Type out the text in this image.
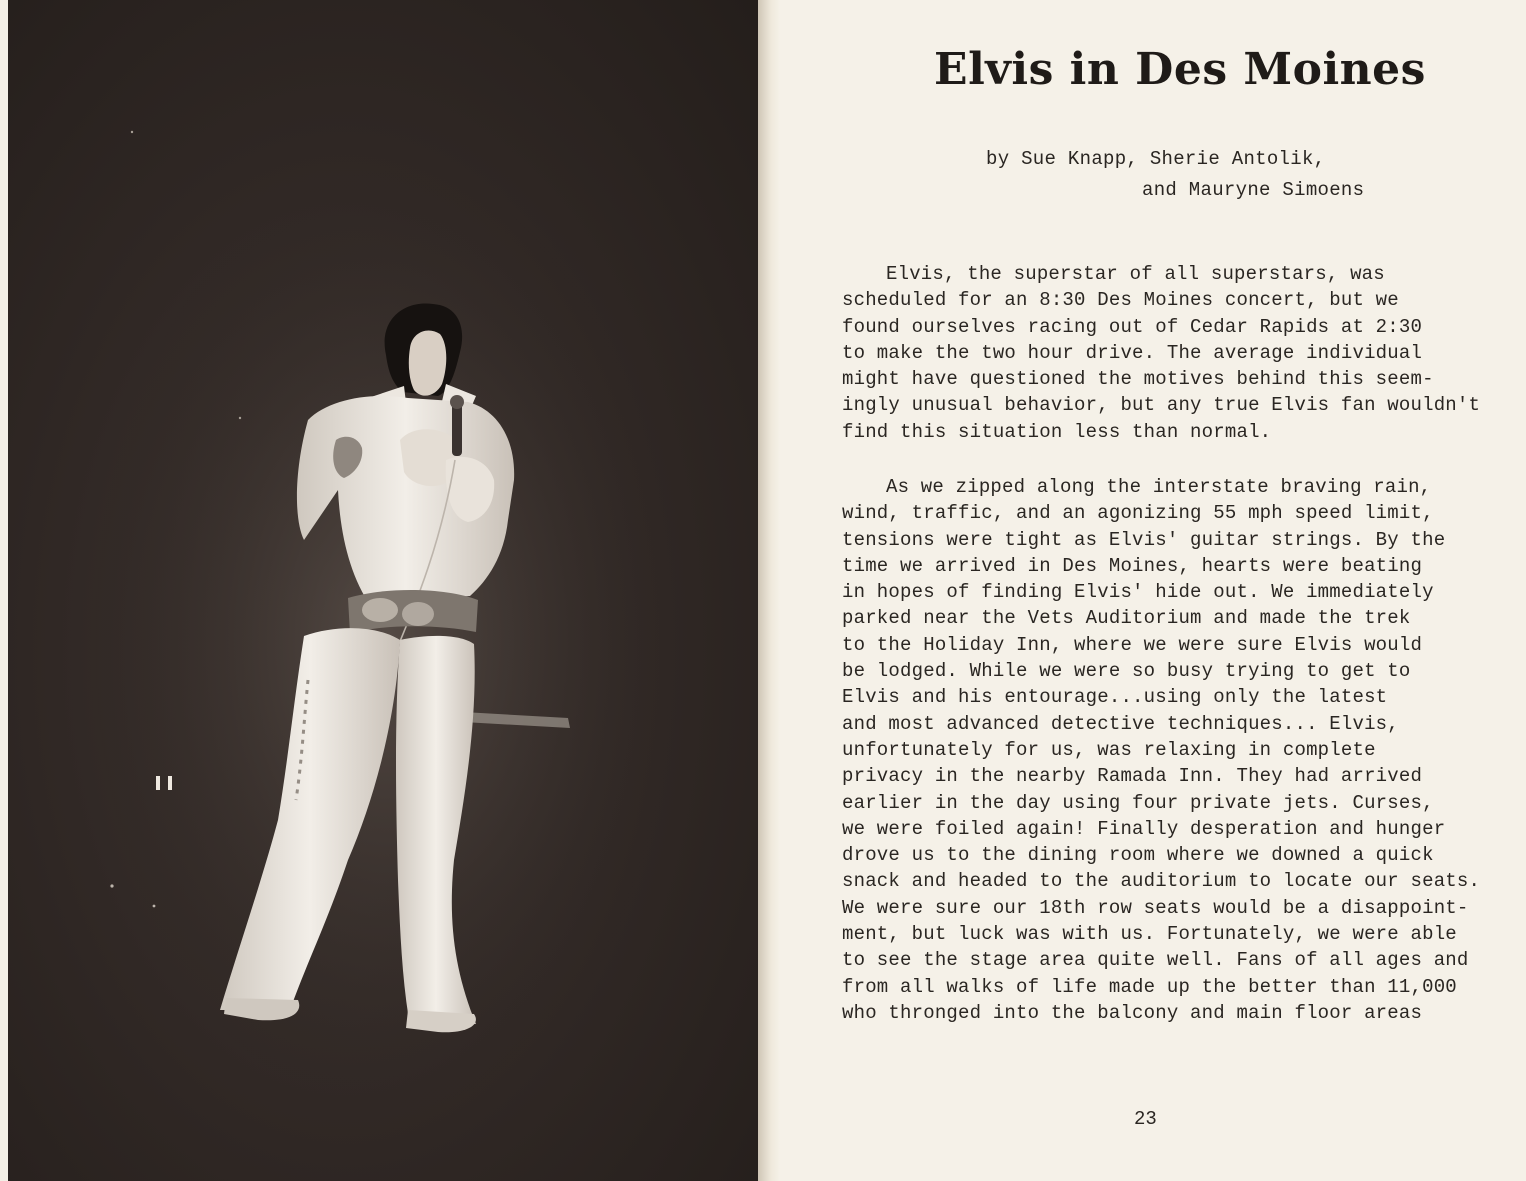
Elvis in Des Moines
by Sue Knapp, Sherie Antolik,
and Mauryne Simoens
Elvis, the superstar of all superstars, was
scheduled for an 8:30 Des Moines concert, but we
found ourselves racing out of Cedar Rapids at 2:30
to make the two hour drive. The average individual
might have questioned the motives behind this seem-
ingly unusual behavior, but any true Elvis fan wouldn't
find this situation less than normal.
As we zipped along the interstate braving rain,
wind, traffic, and an agonizing 55 mph speed limit,
tensions were tight as Elvis' guitar strings. By the
time we arrived in Des Moines, hearts were beating
in hopes of finding Elvis' hide out. We immediately
parked near the Vets Auditorium and made the trek
to the Holiday Inn, where we were sure Elvis would
be lodged. While we were so busy trying to get to
Elvis and his entourage...using only the latest
and most advanced detective techniques... Elvis,
unfortunately for us, was relaxing in complete
privacy in the nearby Ramada Inn. They had arrived
earlier in the day using four private jets. Curses,
we were foiled again! Finally desperation and hunger
drove us to the dining room where we downed a quick
snack and headed to the auditorium to locate our seats.
We were sure our 18th row seats would be a disappoint-
ment, but luck was with us. Fortunately, we were able
to see the stage area quite well. Fans of all ages and
from all walks of life made up the better than 11,000
who thronged into the balcony and main floor areas
23
